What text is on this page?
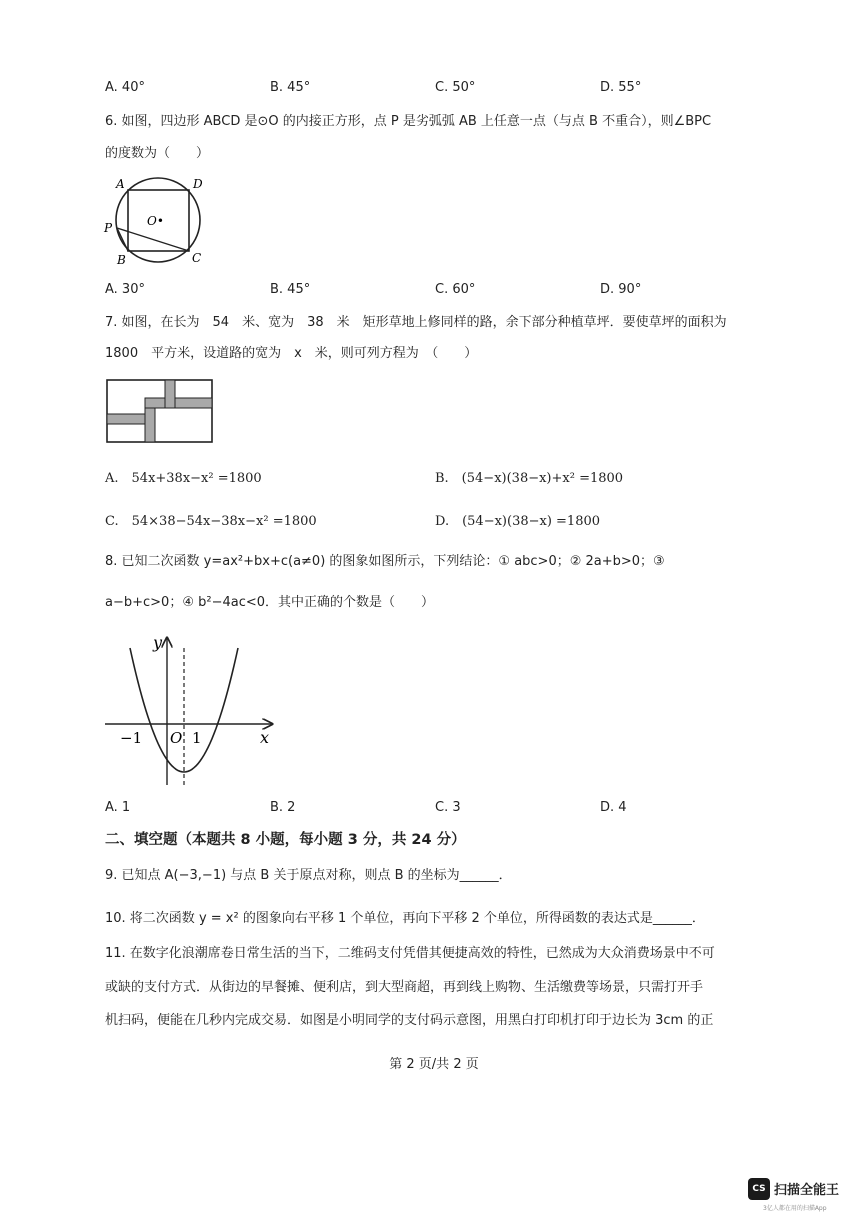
A. 40°	B. 45°	C. 50°	D. 55°
6. 如图，四边形 ABCD 是⊙O 的内接正方形，点 P 是劣弧弧 AB 上任意一点（与点 B 不重合），则∠BPC
的度数为（　　）
A	D
O•
P
B	C
A. 30°	B. 45°	C. 60°	D. 90°
7. 如图，在长为　54　米、宽为　38　米　矩形草地上修同样的路，余下部分种植草坪．要使草坪的面积为
1800　平方米，设道路的宽为　x　米，则可列方程为　（　　）
A.　54x+38x−x² =1800	B.　(54−x)(38−x)+x² =1800
C.　54×38−54x−38x−x² =1800	D.　(54−x)(38−x) =1800
8. 已知二次函数 y=ax²+bx+c(a≠0) 的图象如图所示，下列结论：① abc>0；② 2a+b>0；③
a−b+c>0；④ b²−4ac<0．其中正确的个数是（　　）
y
x
−1 O 1
A. 1	B. 2	C. 3	D. 4
二、填空题（本题共 8 小题，每小题 3 分，共 24 分）
9. 已知点 A(−3,−1) 与点 B 关于原点对称，则点 B 的坐标为______．
10. 将二次函数 y = x² 的图象向右平移 1 个单位，再向下平移 2 个单位，所得函数的表达式是______．
11. 在数字化浪潮席卷日常生活的当下，二维码支付凭借其便捷高效的特性，已然成为大众消费场景中不可
或缺的支付方式．从街边的早餐摊、便利店，到大型商超，再到线上购物、生活缴费等场景，只需打开手
机扫码，便能在几秒内完成交易．如图是小明同学的支付码示意图，用黑白打印机打印于边长为 3cm 的正
第 2 页/共 2 页
CS 扫描全能王
3亿人都在用的扫描App
